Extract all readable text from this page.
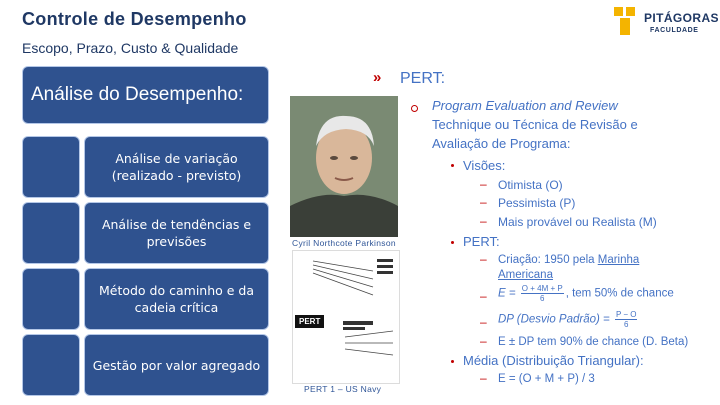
Controle de Desempenho
Escopo, Prazo, Custo & Qualidade
PITÁGORAS
FACULDADE
Análise do Desempenho:
Análise de variação (realizado - previsto)
Análise de tendências e previsões
Método do caminho e da cadeia crítica
Gestão por valor agregado
Cyril Northcote Parkinson
PERT
PERT 1 – US Navy
» PERT:
Program Evaluation and Review
Technique ou Técnica de Revisão e
Avaliação de Programa:
Visões:
– Otimista (O)
– Pessimista (P)
– Mais provável ou Realista (M)
PERT:
– Criação: 1950 pela Marinha
Americana
– $E = \frac{O + 4M + P}{6}$ , tem 50% de chance
– DP (Desvio Padrão) = $\frac{P - O}{6}$
– E ± DP tem 90% de chance (D. Beta)
Média (Distribuição Triangular):
– E = (O + M + P) / 3
